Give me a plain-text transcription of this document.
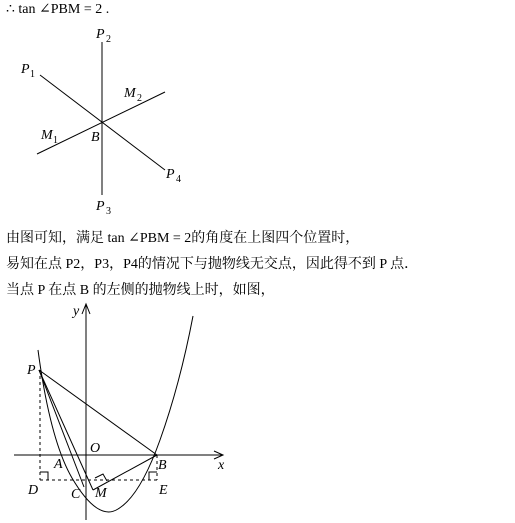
∴ tan ∠PBM = 2 .
由图可知，满足 tan ∠PBM = 2的角度在上图四个位置时，
易知在点 P2，P3，P4的情况下与抛物线无交点，因此得不到 P 点．
当点 P 在点 B 的左侧的抛物线上时，如图，
P 2
P 1
M 2
M 1 B
P 4
P 3
y
x
P
O
A	B
D C M	E
